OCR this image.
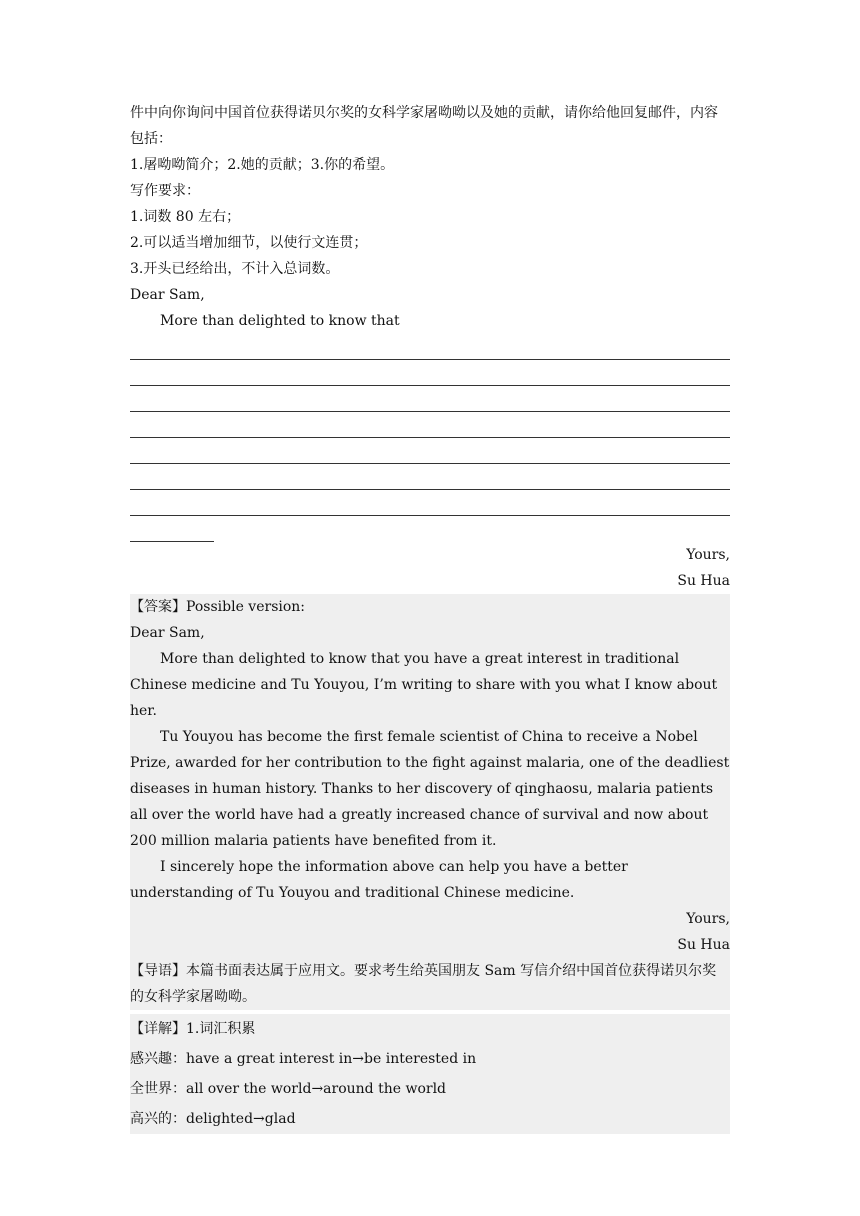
件中向你询问中国首位获得诺贝尔奖的女科学家屠呦呦以及她的贡献，请你给他回复邮件，内容包括：
1.屠呦呦简介；2.她的贡献；3.你的希望。
写作要求：
1.词数 80 左右；
2.可以适当增加细节，以使行文连贯；
3.开头已经给出，不计入总词数。
Dear Sam,
More than delighted to know that
Yours,
Su Hua
【答案】Possible version:
Dear Sam,
More than delighted to know that you have a great interest in traditional Chinese medicine and Tu Youyou, I’m writing to share with you what I know about her.
Tu Youyou has become the first female scientist of China to receive a Nobel Prize, awarded for her contribution to the fight against malaria, one of the deadliest diseases in human history. Thanks to her discovery of qinghaosu, malaria patients all over the world have had a greatly increased chance of survival and now about 200 million malaria patients have benefited from it.
I sincerely hope the information above can help you have a better understanding of Tu Youyou and traditional Chinese medicine.
Yours,
Su Hua
【导语】本篇书面表达属于应用文。要求考生给英国朋友 Sam 写信介绍中国首位获得诺贝尔奖的女科学家屠呦呦。
【详解】1.词汇积累
感兴趣：have a great interest in→be interested in
全世界：all over the world→around the world
高兴的：delighted→glad
